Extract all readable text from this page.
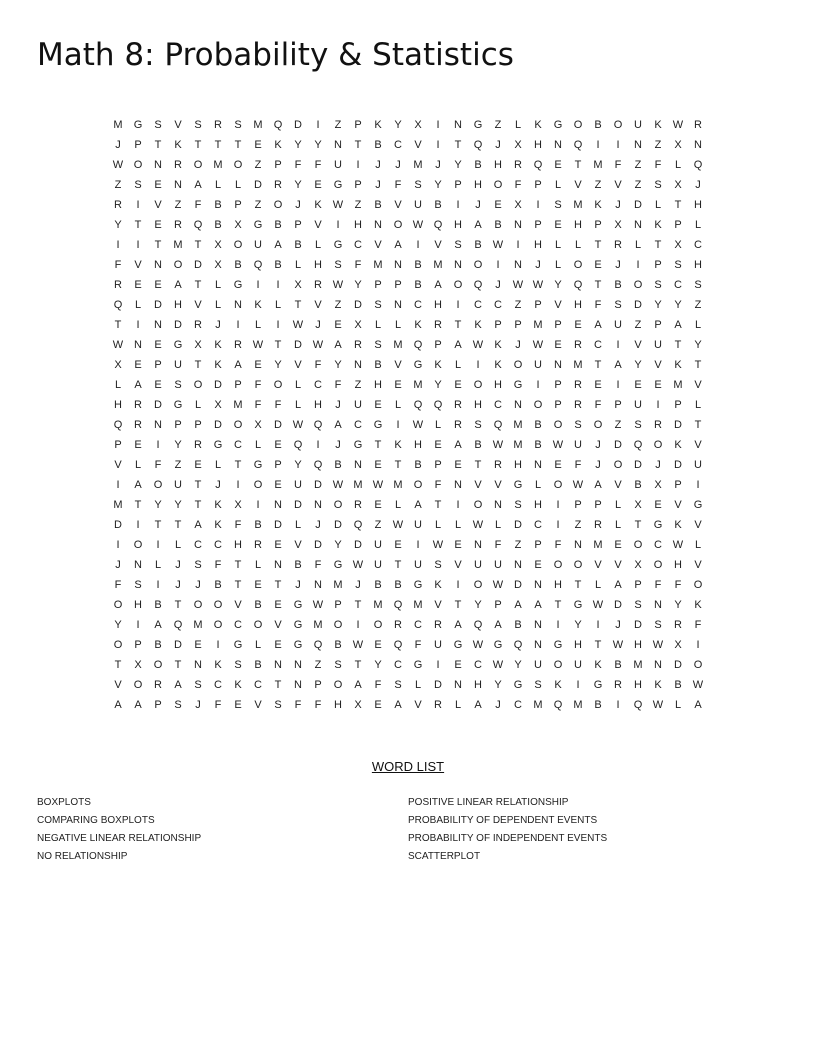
Math 8: Probability & Statistics
M	G	S	V	S	R	S	M	Q	D	I	Z	P	K	Y	X	I	N	G	Z	L	K	G	O	B	O	U	K	W R
J	P	T	K	T	T	T	E	K	Y	Y	N	T	B	C	V	I	T	Q	J	X	H	N	Q	I	I	N	Z	X	N
W O	N	R	O	M	O	Z	P	F	F	U	I	J	J	M	J	Y	B	H	R	Q	E	T	M	F	Z	F	L	Q
Z	S	E	N	A	L	L	D	R	Y	E	G	P	J	F	S	Y	P	H	O	F	P	L	V	Z	V	Z	S	X	J
R	I	V	Z	F	B	P	Z	O	J	K	W	Z	B	V	U	B	I	J	E	X	I	S	M	K	J	D	L	T	H
Y	T	E	R	Q	B	X	G	B	P	V	I	H	N	O W Q	H	A	B	N	P	E	H	P	X	N	K	P	L
I	I	T	M	T	X	O	U	A	B	L	G	C	V	A	I	V	S	B	W	I	H	L	L	T	R	L	T	X	C
F	V	N	O	D	X	B	Q	B	L	H	S	F	M	N	B	M	N	O	I	N	J	L	O	E	J	I	P	S	H
R	E	E	A	T	L	G	I	I	X	R W	Y	P	P	B	A	O	Q	J	W W	Y	Q	T	B	O	S	C	S
Q	L	D	H	V	L	N	K	L	T	V	Z	D	S	N	C	H	I	C	C	Z	P	V	H	F	S	D	Y	Y	Z
T	I	N	D	R	J	I	L	I	W	J	E	X	L	L	K	R	T	K	P	P	M	P	E	A	U	Z	P	A	L
W N	E	G	X	K	R W	T	D W	A	R	S	M	Q	P	A	W	K	J	W	E	R	C	I	V	U	T	Y
X	E	P	U	T	K	A	E	Y	V	F	Y	N	B	V	G	K	L	I	K	O	U	N	M	T	A	Y	V	K	T
L	A	E	S	O	D	P	F	O	L	C	F	Z	H	E	M	Y	E	O	H	G	I	P	R	E	I	E	E	M	V
H	R	D	G	L	X	M	F	F	L	H	J	U	E	L	Q	Q	R	H	C	N	O	P	R	F	P	U	I	P	L
Q	R	N	P	P	D	O	X	D W Q	A	C	G	I	W	L	R	S	Q	M	B	O	S	O	Z	S	R	D	T
P	E	I	Y	R	G	C	L	E	Q	I	J	G	T	K	H	E	A	B	W M	B	W U	J	D	Q	O	K	V
V	L	F	Z	E	L	T	G	P	Y	Q	B	N	E	T	B	P	E	T	R	H	N	E	F	J	O	D	J	D	U
I	A	O	U	T	J	I	O	E	U	D W M W M	O	F	N	V	V	G	L	O W	A	V	B	X	P	I
M	T	Y	Y	T	K	X	I	N	D	N	O	R	E	L	A	T	I	O	N	S	H	I	P	P	L	X	E	V	G
D	I	T	T	A	K	F	B	D	L	J	D	Q	Z	W U	L	L	W	L	D	C	I	Z	R	L	T	G	K	V
I	O	I	L	C	C	H	R	E	V	D	Y	D	U	E	I	W	E	N	F	Z	P	F	N	M	E	O	C W	L
J	N	L	J	S	F	T	L	N	B	F	G W U	T	U	S	V	U	U	N	E	O	O	V	V	X	O	H	V
F	S	I	J	J	B	T	E	T	J	N	M	J	B	B	G	K	I	O W D	N	H	T	L	A	P	F	F	O
O	H	B	T	O	O	V	B	E	G W	P	T	M	Q	M	V	T	Y	P	A	A	T	G W D	S	N	Y	K
Y	I	A	Q	M	O	C	O	V	G	M	O	I	O	R	C	R	A	Q	A	B	N	I	Y	I	J	D	S	R	F
O	P	B	D	E	I	G	L	E	G	Q	B	W	E	Q	F	U	G W G	Q	N	G	H	T	W H W	X	I
T	X	O	T	N	K	S	B	N	N	Z	S	T	Y	C	G	I	E	C W	Y	U	O	U	K	B	M	N	D	O
V	O	R	A	S	C	K	C	T	N	P	O	A	F	S	L	D	N	H	Y	G	S	K	I	G	R	H	K	B	W
A	A	P	S	J	F	E	V	S	F	F	H	X	E	A	V	R	L	A	J	C	M	Q	M	B	I	Q W	L	A
WORD LIST
BOXPLOTS
COMPARING BOXPLOTS
NEGATIVE LINEAR RELATIONSHIP
NO RELATIONSHIP
POSITIVE LINEAR RELATIONSHIP
PROBABILITY OF DEPENDENT EVENTS
PROBABILITY OF INDEPENDENT EVENTS
SCATTERPLOT
